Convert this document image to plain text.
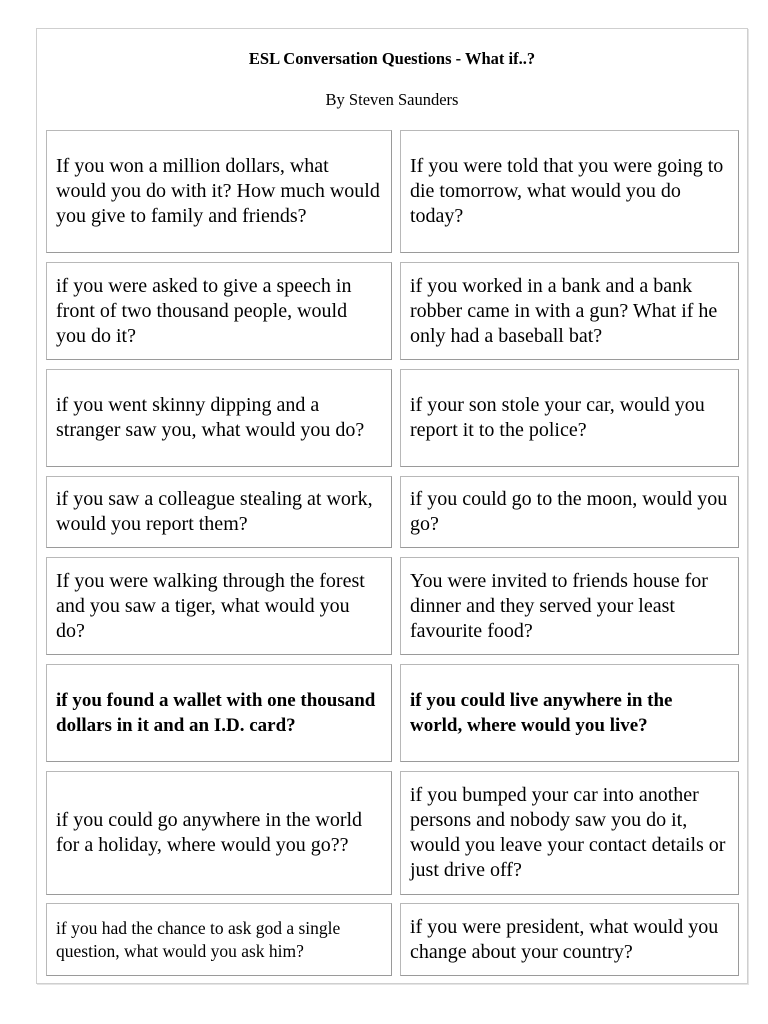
ESL Conversation Questions - What if..?
By Steven Saunders
If you won a million dollars, what would you do with it? How much would you give to family and friends?
If you were told that you were going to die tomorrow, what would you do today?
if you were asked to give a speech in front of two thousand people, would you do it?
if you worked in a bank and a bank robber came in with a gun? What if he only had a baseball bat?
if you went skinny dipping and a stranger saw you, what would you do?
if your son stole your car, would you report it to the police?
if you saw a colleague stealing at work, would you report them?
if you could go to the moon, would you go?
If you were walking through the forest and you saw a tiger, what would you do?
You were invited to friends house for dinner and they served your least favourite food?
if you found a wallet with one thousand dollars in it and an I.D. card?
if you could live anywhere in the world, where would you live?
if you could go anywhere in the world for a holiday, where would you go??
if you bumped your car into another persons and nobody saw you do it, would you leave your contact details or just drive off?
if you had the chance to ask god a single question, what would you ask him?
if you were president, what would you change about your country?
